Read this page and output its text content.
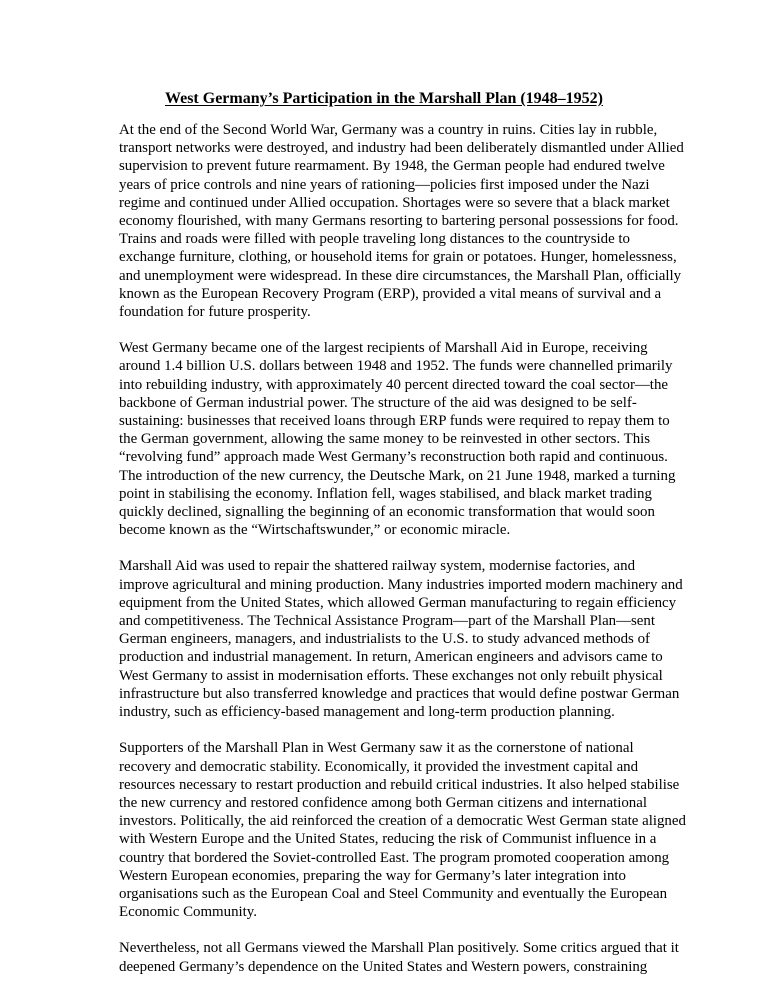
West Germany’s Participation in the Marshall Plan (1948–1952)

At the end of the Second World War, Germany was a country in ruins. Cities lay in rubble, transport networks were destroyed, and industry had been deliberately dismantled under Allied supervision to prevent future rearmament. By 1948, the German people had endured twelve years of price controls and nine years of rationing—policies first imposed under the Nazi regime and continued under Allied occupation. Shortages were so severe that a black market economy flourished, with many Germans resorting to bartering personal possessions for food. Trains and roads were filled with people traveling long distances to the countryside to exchange furniture, clothing, or household items for grain or potatoes. Hunger, homelessness, and unemployment were widespread. In these dire circumstances, the Marshall Plan, officially known as the European Recovery Program (ERP), provided a vital means of survival and a foundation for future prosperity.

West Germany became one of the largest recipients of Marshall Aid in Europe, receiving around 1.4 billion U.S. dollars between 1948 and 1952. The funds were channelled primarily into rebuilding industry, with approximately 40 percent directed toward the coal sector—the backbone of German industrial power. The structure of the aid was designed to be self-sustaining: businesses that received loans through ERP funds were required to repay them to the German government, allowing the same money to be reinvested in other sectors. This “revolving fund” approach made West Germany’s reconstruction both rapid and continuous. The introduction of the new currency, the Deutsche Mark, on 21 June 1948, marked a turning point in stabilising the economy. Inflation fell, wages stabilised, and black market trading quickly declined, signalling the beginning of an economic transformation that would soon become known as the “Wirtschaftswunder,” or economic miracle.

Marshall Aid was used to repair the shattered railway system, modernise factories, and improve agricultural and mining production. Many industries imported modern machinery and equipment from the United States, which allowed German manufacturing to regain efficiency and competitiveness. The Technical Assistance Program—part of the Marshall Plan—sent German engineers, managers, and industrialists to the U.S. to study advanced methods of production and industrial management. In return, American engineers and advisors came to West Germany to assist in modernisation efforts. These exchanges not only rebuilt physical infrastructure but also transferred knowledge and practices that would define postwar German industry, such as efficiency-based management and long-term production planning.

Supporters of the Marshall Plan in West Germany saw it as the cornerstone of national recovery and democratic stability. Economically, it provided the investment capital and resources necessary to restart production and rebuild critical industries. It also helped stabilise the new currency and restored confidence among both German citizens and international investors. Politically, the aid reinforced the creation of a democratic West German state aligned with Western Europe and the United States, reducing the risk of Communist influence in a country that bordered the Soviet-controlled East. The program promoted cooperation among Western European economies, preparing the way for Germany’s later integration into organisations such as the European Coal and Steel Community and eventually the European Economic Community.

Nevertheless, not all Germans viewed the Marshall Plan positively. Some critics argued that it deepened Germany’s dependence on the United States and Western powers, constraining
